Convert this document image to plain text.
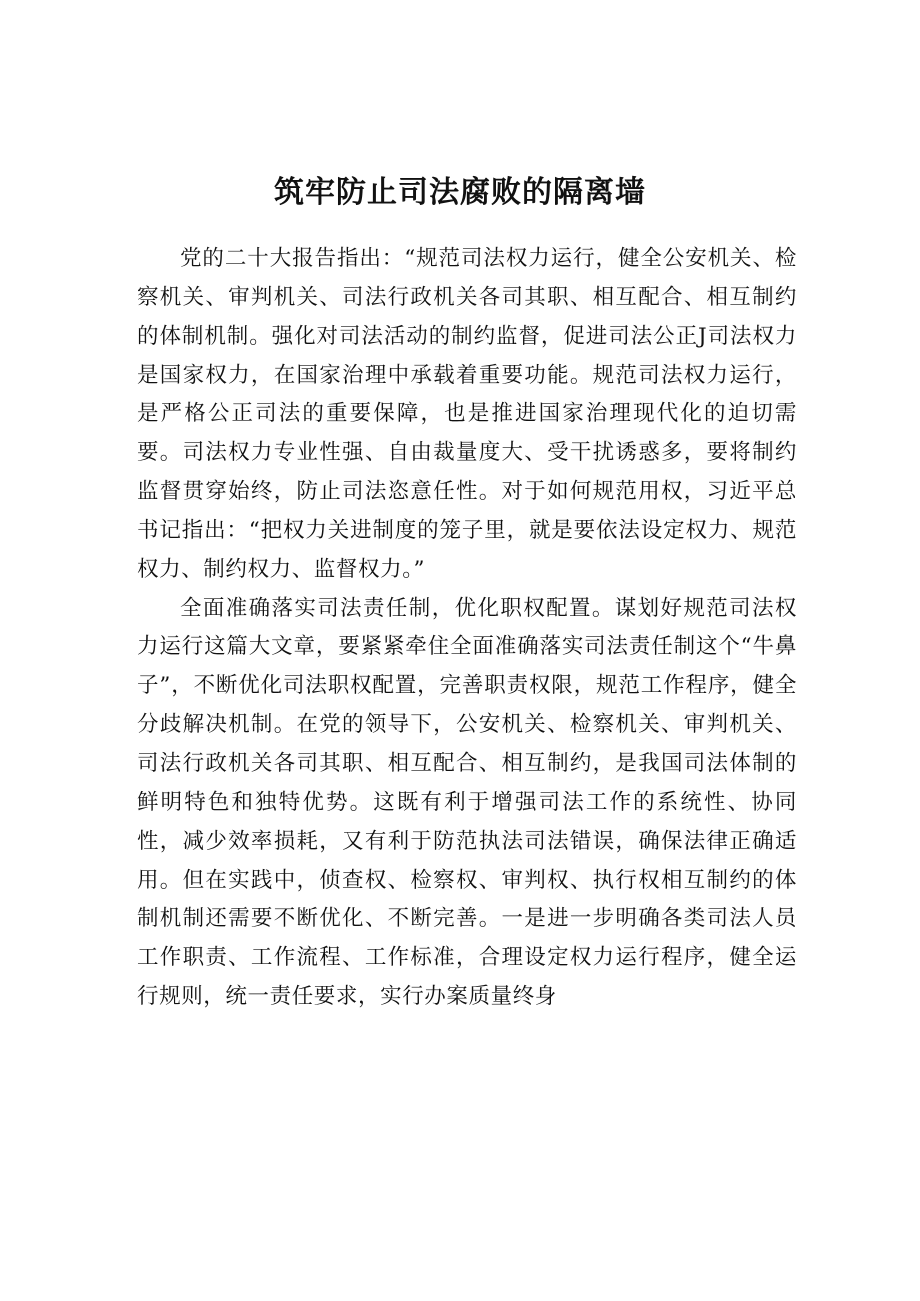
筑牢防止司法腐败的隔离墙

党的二十大报告指出：“规范司法权力运行，健全公安机关、检察机关、审判机关、司法行政机关各司其职、相互配合、相互制约的体制机制。强化对司法活动的制约监督，促进司法公正J司法权力是国家权力，在国家治理中承载着重要功能。规范司法权力运行，是严格公正司法的重要保障，也是推进国家治理现代化的迫切需要。司法权力专业性强、自由裁量度大、受干扰诱惑多，要将制约监督贯穿始终，防止司法恣意任性。对于如何规范用权，习近平总书记指出：“把权力关进制度的笼子里，就是要依法设定权力、规范权力、制约权力、监督权力。”

全面准确落实司法责任制，优化职权配置。谋划好规范司法权力运行这篇大文章，要紧紧牵住全面准确落实司法责任制这个“牛鼻子”，不断优化司法职权配置，完善职责权限，规范工作程序，健全分歧解决机制。在党的领导下，公安机关、检察机关、审判机关、司法行政机关各司其职、相互配合、相互制约，是我国司法体制的鲜明特色和独特优势。这既有利于增强司法工作的系统性、协同性，减少效率损耗，又有利于防范执法司法错误，确保法律正确适用。但在实践中，侦查权、检察权、审判权、执行权相互制约的体制机制还需要不断优化、不断完善。一是进一步明确各类司法人员工作职责、工作流程、工作标准，合理设定权力运行程序，健全运行规则，统一责任要求，实行办案质量终身
